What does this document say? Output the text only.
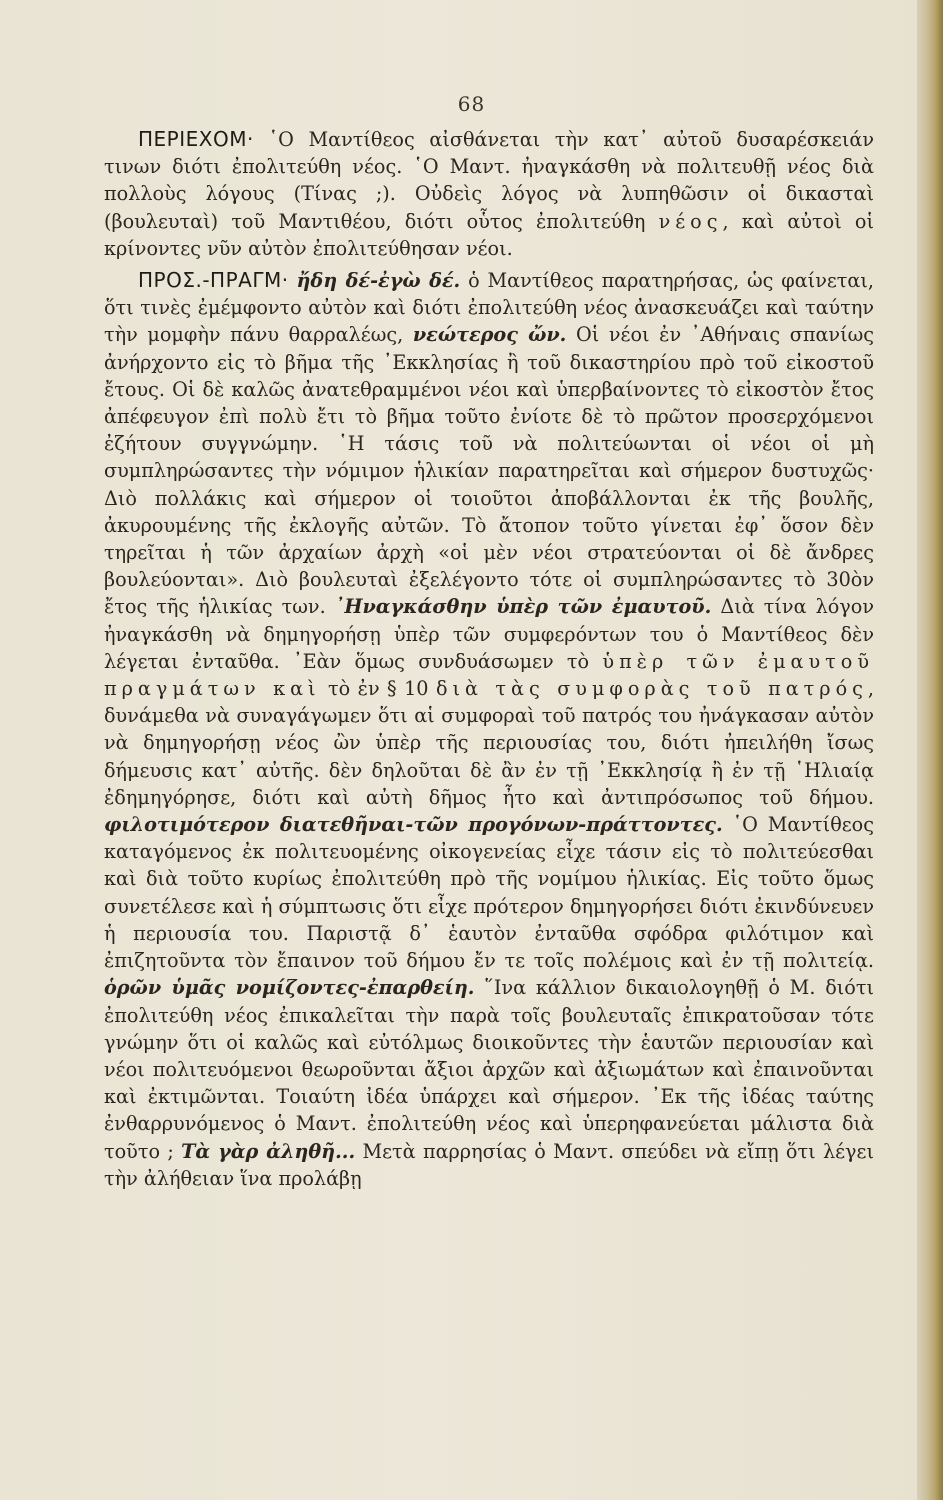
68

ΠΕΡΙΕΧΟΜ· ῾Ο Μαντίθεος αἰσθάνεται τὴν κατ᾽ αὐτοῦ δυσαρέσκειάν τινων διότι ἐπολιτεύθη νέος. ῾Ο Μαντ. ἠναγκάσθη νὰ πολιτευθῇ νέος διὰ πολλοὺς λόγους (Τίνας ;). Οὐδεὶς λόγος νὰ λυπηθῶσιν οἱ δικασταὶ (βουλευταὶ) τοῦ Μαντιθέου, διότι οὗτος ἐπολιτεύθη νέος, καὶ αὐτοὶ οἱ κρίνοντες νῦν αὐτὸν ἐπολιτεύθησαν νέοι.

ΠΡΟΣ.-ΠΡΑΓΜ· ἤδη δέ-ἐγὼ δέ. ὁ Μαντίθεος παρατηρήσας, ὡς φαίνεται, ὅτι τινὲς ἐμέμφοντο αὐτὸν καὶ διότι ἐπολιτεύθη νέος ἀνασκευάζει καὶ ταύτην τὴν μομφὴν πάνυ θαρραλέως, νεώτερος ὤν. Οἱ νέοι ἐν ᾿Αθήναις σπανίως ἀνήρχοντο εἰς τὸ βῆμα τῆς ᾿Εκκλησίας ἢ τοῦ δικαστηρίου πρὸ τοῦ εἰκοστοῦ ἔτους. Οἱ δὲ καλῶς ἀνατεθραμμένοι νέοι καὶ ὑπερβαίνοντες τὸ εἰκοστὸν ἔτος ἀπέφευγον ἐπὶ πολὺ ἔτι τὸ βῆμα τοῦτο ἐνίοτε δὲ τὸ πρῶτον προσερχόμενοι ἐζήτουν συγγνώμην. ῾Η τάσις τοῦ νὰ πολιτεύωνται οἱ νέοι οἱ μὴ συμπληρώσαντες τὴν νόμιμον ἡλικίαν παρατηρεῖται καὶ σήμερον δυστυχῶς· Διὸ πολλάκις καὶ σήμερον οἱ τοιοῦτοι ἀποβάλλονται ἐκ τῆς βουλῆς, ἀκυρουμένης τῆς ἐκλογῆς αὐτῶν. Τὸ ἄτοπον τοῦτο γίνεται ἐφ᾽ ὅσον δὲν τηρεῖται ἡ τῶν ἀρχαίων ἀρχὴ «οἱ μὲν νέοι στρατεύονται οἱ δὲ ἄνδρες βουλεύονται». Διὸ βουλευταὶ ἐξελέγοντο τότε οἱ συμπληρώσαντες τὸ 30ὸν ἔτος τῆς ἡλικίας των. ᾿Ηναγκάσθην ὑπὲρ τῶν ἐμαυτοῦ. Διὰ τίνα λόγον ἠναγκάσθη νὰ δημηγορήσῃ ὑπὲρ τῶν συμφερόντων του ὁ Μαντίθεος δὲν λέγεται ἐνταῦθα. ᾿Εὰν ὅμως συνδυάσωμεν τὸ ὑπὲρ τῶν ἐμαυτοῦ πραγμάτων καὶ τὸ ἐν § 10 διὰ τὰς συμφορὰς τοῦ πατρός, δυνάμεθα νὰ συναγάγωμεν ὅτι αἱ συμφοραὶ τοῦ πατρός του ἠνάγκασαν αὐτὸν νὰ δημηγορήσῃ νέος ὢν ὑπὲρ τῆς περιουσίας του, διότι ἠπειλήθη ἴσως δήμευσις κατ᾽ αὐτῆς. δὲν δηλοῦται δὲ ἂν ἐν τῇ ᾿Εκκλησίᾳ ἢ ἐν τῇ ῾Ηλιαίᾳ ἐδημηγόρησε, διότι καὶ αὐτὴ δῆμος ἦτο καὶ ἀντιπρόσωπος τοῦ δήμου. φιλοτιμότερον διατεθῆναι-τῶν προγόνων-πράττοντες. ῾Ο Μαντίθεος καταγόμενος ἐκ πολιτευομένης οἰκογενείας εἶχε τάσιν εἰς τὸ πολιτεύεσθαι καὶ διὰ τοῦτο κυρίως ἐπολιτεύθη πρὸ τῆς νομίμου ἡλικίας. Εἰς τοῦτο ὅμως συνετέλεσε καὶ ἡ σύμπτωσις ὅτι εἶχε πρότερον δημηγορήσει διότι ἐκινδύνευεν ἡ περιουσία του. Παριστᾷ δ᾽ ἑαυτὸν ἐνταῦθα σφόδρα φιλότιμον καὶ ἐπιζητοῦντα τὸν ἔπαινον τοῦ δήμου ἔν τε τοῖς πολέμοις καὶ ἐν τῇ πολιτείᾳ. ὁρῶν ὑμᾶς νομίζοντες-ἐπαρθείη. ῞Ινα κάλλιον δικαιολογηθῇ ὁ Μ. διότι ἐπολιτεύθη νέος ἐπικαλεῖται τὴν παρὰ τοῖς βουλευταῖς ἐπικρατοῦσαν τότε γνώμην ὅτι οἱ καλῶς καὶ εὐτόλμως διοικοῦντες τὴν ἑαυτῶν περιουσίαν καὶ νέοι πολιτευόμενοι θεωροῦνται ἄξιοι ἀρχῶν καὶ ἀξιωμάτων καὶ ἐπαινοῦνται καὶ ἐκτιμῶνται. Τοιαύτη ἰδέα ὑπάρχει καὶ σήμερον. ᾿Εκ τῆς ἰδέας ταύτης ἐνθαρρυνόμενος ὁ Μαντ. ἐπολιτεύθη νέος καὶ ὑπερηφανεύεται μάλιστα διὰ τοῦτο ; Τὰ γὰρ ἀληθῆ... Μετὰ παρρησίας ὁ Μαντ. σπεύδει νὰ εἴπῃ ὅτι λέγει τὴν ἀλήθειαν ἵνα προλάβῃ
